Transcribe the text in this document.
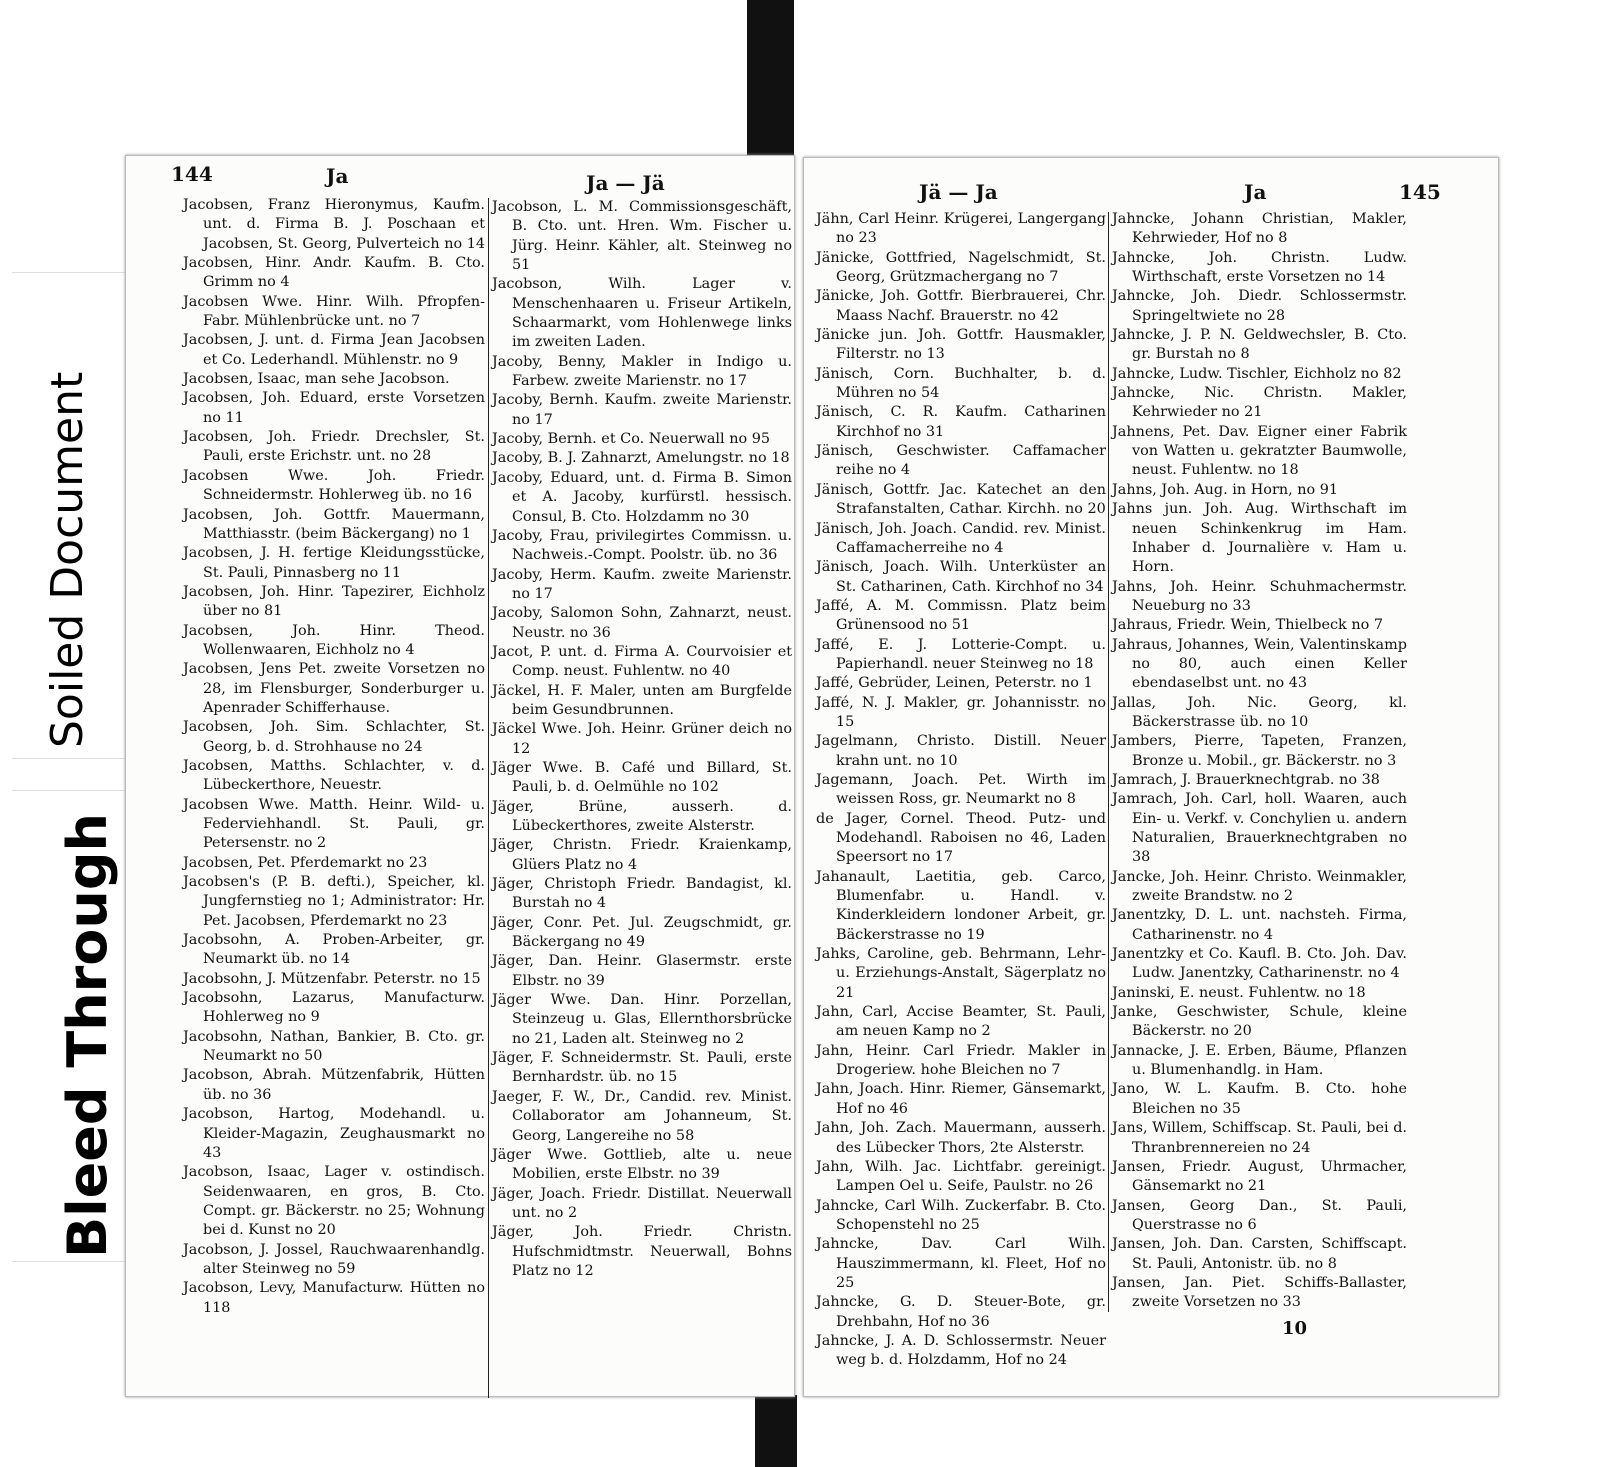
Soiled Document
Bleed Through
144	Ja	Ja — Jä

Jacobsen, Franz Hieronymus, Kaufm. unt. d. Firma B. J. Poschaan et Jacobsen, St. Georg, Pulverteich no 14

Jacobsen, Hinr. Andr. Kaufm. B. Cto. Grimm no 4

Jacobsen Wwe. Hinr. Wilh. Pfropfen-Fabr. Mühlenbrücke unt. no 7

Jacobsen, J. unt. d. Firma Jean Jacobsen et Co. Lederhandl. Mühlenstr. no 9

Jacobsen, Isaac, man sehe Jacobson.

Jacobsen, Joh. Eduard, erste Vorsetzen no 11

Jacobsen, Joh. Friedr. Drechsler, St. Pauli, erste Erichstr. unt. no 28

Jacobsen Wwe. Joh. Friedr. Schneidermstr. Hohlerweg üb. no 16

Jacobsen, Joh. Gottfr. Mauermann, Matthiasstr. (beim Bäckergang) no 1

Jacobsen, J. H. fertige Kleidungsstücke, St. Pauli, Pinnasberg no 11

Jacobsen, Joh. Hinr. Tapezirer, Eichholz über no 81

Jacobsen, Joh. Hinr. Theod. Wollenwaaren, Eichholz no 4

Jacobsen, Jens Pet. zweite Vorsetzen no 28, im Flensburger, Sonderburger u. Apenrader Schifferhause.

Jacobsen, Joh. Sim. Schlachter, St. Georg, b. d. Strohhause no 24

Jacobsen, Matths. Schlachter, v. d. Lübeckerthore, Neuestr.

Jacobsen Wwe. Matth. Heinr. Wild- u. Federviehhandl. St. Pauli, gr. Petersenstr. no 2

Jacobsen, Pet. Pferdemarkt no 23

Jacobsen's (P. B. defti.), Speicher, kl. Jungfernstieg no 1; Administrator: Hr. Pet. Jacobsen, Pferdemarkt no 23

Jacobsohn, A. Proben-Arbeiter, gr. Neumarkt üb. no 14

Jacobsohn, J. Mützenfabr. Peterstr. no 15

Jacobsohn, Lazarus, Manufacturw. Hohlerweg no 9

Jacobsohn, Nathan, Bankier, B. Cto. gr. Neumarkt no 50

Jacobson, Abrah. Mützenfabrik, Hütten üb. no 36

Jacobson, Hartog, Modehandl. u. Kleider-Magazin, Zeughausmarkt no 43

Jacobson, Isaac, Lager v. ostindisch. Seidenwaaren, en gros, B. Cto. Compt. gr. Bäckerstr. no 25; Wohnung bei d. Kunst no 20

Jacobson, J. Jossel, Rauchwaarenhandlg. alter Steinweg no 59

Jacobson, Levy, Manufacturw. Hütten no 118

Jacobson, L. M. Commissionsgeschäft, B. Cto. unt. Hren. Wm. Fischer u. Jürg. Heinr. Kähler, alt. Steinweg no 51

Jacobson, Wilh. Lager v. Menschenhaaren u. Friseur Artikeln, Schaarmarkt, vom Hohlenwege links im zweiten Laden.

Jacoby, Benny, Makler in Indigo u. Farbew. zweite Marienstr. no 17

Jacoby, Bernh. Kaufm. zweite Marienstr. no 17

Jacoby, Bernh. et Co. Neuerwall no 95

Jacoby, B. J. Zahnarzt, Amelungstr. no 18

Jacoby, Eduard, unt. d. Firma B. Simon et A. Jacoby, kurfürstl. hessisch. Consul, B. Cto. Holzdamm no 30

Jacoby, Frau, privilegirtes Commissn. u. Nachweis.-Compt. Poolstr. üb. no 36

Jacoby, Herm. Kaufm. zweite Marienstr. no 17

Jacoby, Salomon Sohn, Zahnarzt, neust. Neustr. no 36

Jacot, P. unt. d. Firma A. Courvoisier et Comp. neust. Fuhlentw. no 40

Jäckel, H. F. Maler, unten am Burgfelde beim Gesundbrunnen.

Jäckel Wwe. Joh. Heinr. Grüner deich no 12

Jäger Wwe. B. Café und Billard, St. Pauli, b. d. Oelmühle no 102

Jäger, Brüne, ausserh. d. Lübeckerthores, zweite Alsterstr.

Jäger, Christn. Friedr. Kraienkamp, Glüers Platz no 4

Jäger, Christoph Friedr. Bandagist, kl. Burstah no 4

Jäger, Conr. Pet. Jul. Zeugschmidt, gr. Bäckergang no 49

Jäger, Dan. Heinr. Glasermstr. erste Elbstr. no 39

Jäger Wwe. Dan. Hinr. Porzellan, Steinzeug u. Glas, Ellernthorsbrücke no 21, Laden alt. Steinweg no 2

Jäger, F. Schneidermstr. St. Pauli, erste Bernhardstr. üb. no 15

Jaeger, F. W., Dr., Candid. rev. Minist. Collaborator am Johanneum, St. Georg, Langereihe no 58

Jäger Wwe. Gottlieb, alte u. neue Mobilien, erste Elbstr. no 39

Jäger, Joach. Friedr. Distillat. Neuerwall unt. no 2

Jäger, Joh. Friedr. Christn. Hufschmidtmstr. Neuerwall, Bohns Platz no 12

Jä — Ja	Ja	145

Jähn, Carl Heinr. Krügerei, Langergang no 23

Jänicke, Gottfried, Nagelschmidt, St. Georg, Grützmachergang no 7

Jänicke, Joh. Gottfr. Bierbrauerei, Chr. Maass Nachf. Brauerstr. no 42

Jänicke jun. Joh. Gottfr. Hausmakler, Filterstr. no 13

Jänisch, Corn. Buchhalter, b. d. Mühren no 54

Jänisch, C. R. Kaufm. Catharinen Kirchhof no 31

Jänisch, Geschwister. Caffamacher reihe no 4

Jänisch, Gottfr. Jac. Katechet an den Strafanstalten, Cathar. Kirchh. no 20

Jänisch, Joh. Joach. Candid. rev. Minist. Caffamacherreihe no 4

Jänisch, Joach. Wilh. Unterküster an St. Catharinen, Cath. Kirchhof no 34

Jaffé, A. M. Commissn. Platz beim Grünensood no 51

Jaffé, E. J. Lotterie-Compt. u. Papierhandl. neuer Steinweg no 18

Jaffé, Gebrüder, Leinen, Peterstr. no 1

Jaffé, N. J. Makler, gr. Johannisstr. no 15

Jagelmann, Christo. Distill. Neuer krahn unt. no 10

Jagemann, Joach. Pet. Wirth im weissen Ross, gr. Neumarkt no 8

de Jager, Cornel. Theod. Putz- und Modehandl. Raboisen no 46, Laden Speersort no 17

Jahanault, Laetitia, geb. Carco, Blumenfabr. u. Handl. v. Kinderkleidern londoner Arbeit, gr. Bäckerstrasse no 19

Jahks, Caroline, geb. Behrmann, Lehr- u. Erziehungs-Anstalt, Sägerplatz no 21

Jahn, Carl, Accise Beamter, St. Pauli, am neuen Kamp no 2

Jahn, Heinr. Carl Friedr. Makler in Drogeriew. hohe Bleichen no 7

Jahn, Joach. Hinr. Riemer, Gänsemarkt, Hof no 46

Jahn, Joh. Zach. Mauermann, ausserh. des Lübecker Thors, 2te Alsterstr.

Jahn, Wilh. Jac. Lichtfabr. gereinigt. Lampen Oel u. Seife, Paulstr. no 26

Jahncke, Carl Wilh. Zuckerfabr. B. Cto. Schopenstehl no 25

Jahncke, Dav. Carl Wilh. Hauszimmermann, kl. Fleet, Hof no 25

Jahncke, G. D. Steuer-Bote, gr. Drehbahn, Hof no 36

Jahncke, J. A. D. Schlossermstr. Neuer weg b. d. Holzdamm, Hof no 24

Jahncke, Johann Christian, Makler, Kehrwieder, Hof no 8

Jahncke, Joh. Christn. Ludw. Wirthschaft, erste Vorsetzen no 14

Jahncke, Joh. Diedr. Schlossermstr. Springeltwiete no 28

Jahncke, J. P. N. Geldwechsler, B. Cto. gr. Burstah no 8

Jahncke, Ludw. Tischler, Eichholz no 82

Jahncke, Nic. Christn. Makler, Kehrwieder no 21

Jahnens, Pet. Dav. Eigner einer Fabrik von Watten u. gekratzter Baumwolle, neust. Fuhlentw. no 18

Jahns, Joh. Aug. in Horn, no 91

Jahns jun. Joh. Aug. Wirthschaft im neuen Schinkenkrug im Ham. Inhaber d. Journalière v. Ham u. Horn.

Jahns, Joh. Heinr. Schuhmachermstr. Neueburg no 33

Jahraus, Friedr. Wein, Thielbeck no 7

Jahraus, Johannes, Wein, Valentinskamp no 80, auch einen Keller ebendaselbst unt. no 43

Jallas, Joh. Nic. Georg, kl. Bäckerstrasse üb. no 10

Jambers, Pierre, Tapeten, Franzen, Bronze u. Mobil., gr. Bäckerstr. no 3

Jamrach, J. Brauerknechtgrab. no 38

Jamrach, Joh. Carl, holl. Waaren, auch Ein- u. Verkf. v. Conchylien u. andern Naturalien, Brauerknechtgraben no 38

Jancke, Joh. Heinr. Christo. Weinmakler, zweite Brandstw. no 2

Janentzky, D. L. unt. nachsteh. Firma, Catharinenstr. no 4

Janentzky et Co. Kaufl. B. Cto. Joh. Dav. Ludw. Janentzky, Catharinenstr. no 4

Janinski, E. neust. Fuhlentw. no 18

Janke, Geschwister, Schule, kleine Bäckerstr. no 20

Jannacke, J. E. Erben, Bäume, Pflanzen u. Blumenhandlg. in Ham.

Jano, W. L. Kaufm. B. Cto. hohe Bleichen no 35

Jans, Willem, Schiffscap. St. Pauli, bei d. Thranbrennereien no 24

Jansen, Friedr. August, Uhrmacher, Gänsemarkt no 21

Jansen, Georg Dan., St. Pauli, Querstrasse no 6

Jansen, Joh. Dan. Carsten, Schiffscapt. St. Pauli, Antonistr. üb. no 8

Jansen, Jan. Piet. Schiffs-Ballaster, zweite Vorsetzen no 33

10
